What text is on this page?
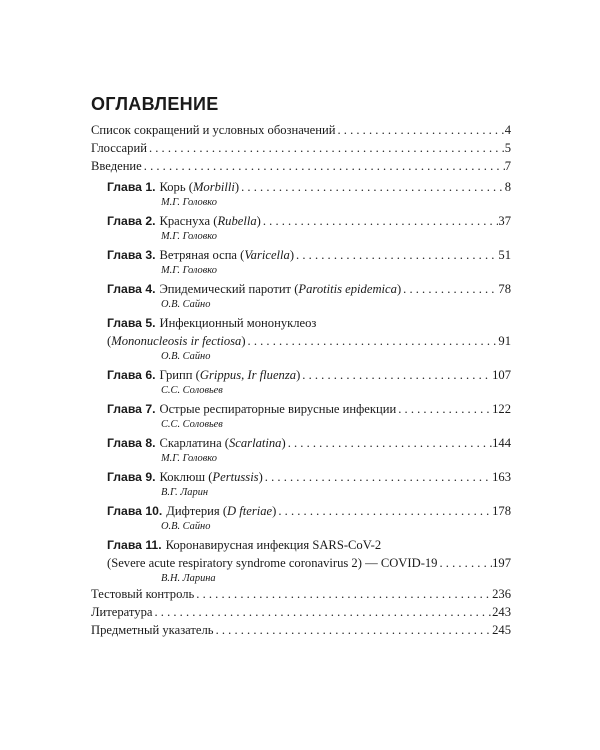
ОГЛАВЛЕНИЕ
Список сокращений и условных обозначений . . .	4
Глоссарий . . .	5
Введение . . .	7
Глава 1. Корь (Morbilli) . . .	8
М.Г. Головко
Глава 2. Краснуха (Rubella) . . .	37
М.Г. Головко
Глава 3. Ветряная оспа (Varicella) . . .	51
М.Г. Головко
Глава 4. Эпидемический паротит (Parotitis epidemica) . . .	78
О.В. Сайно
Глава 5. Инфекционный мононуклеоз
(Mononucleosis ir fectiosa) . . .	91
О.В. Сайно
Глава 6. Грипп (Grippus, Ir fluenza) . . .	107
С.С. Соловьев
Глава 7. Острые респираторные вирусные инфекции . . .	122
С.С. Соловьев
Глава 8. Скарлатина (Scarlatina) . . .	144
М.Г. Головко
Глава 9. Коклюш (Pertussis) . . .	163
В.Г. Ларин
Глава 10. Дифтерия (D fteriae) . . .	178
О.В. Сайно
Глава 11. Коронавирусная инфекция SARS-CoV-2
(Severe acute respiratory syndrome coronavirus 2) — COVID-19 . . .	197
В.Н. Ларина
Тестовый контроль . . .	236
Литература . . .	243
Предметный указатель . . .	245
